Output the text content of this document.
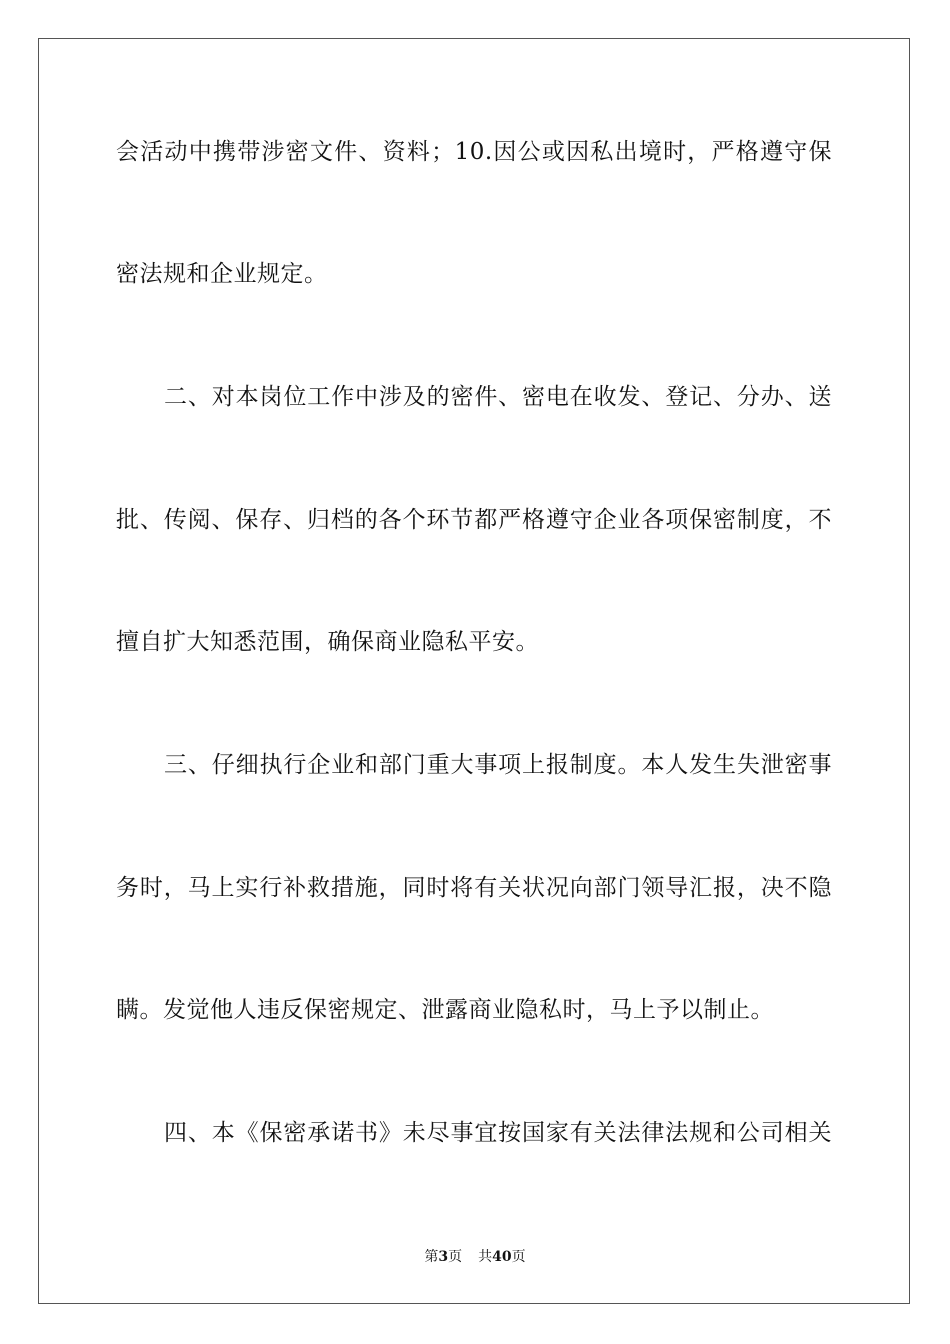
会活动中携带涉密文件、资料；10.因公或因私出境时，严格遵守保
密法规和企业规定。
二、对本岗位工作中涉及的密件、密电在收发、登记、分办、送
批、传阅、保存、归档的各个环节都严格遵守企业各项保密制度，不
擅自扩大知悉范围，确保商业隐私平安。
三、仔细执行企业和部门重大事项上报制度。本人发生失泄密事
务时，马上实行补救措施，同时将有关状况向部门领导汇报，决不隐
瞒。发觉他人违反保密规定、泄露商业隐私时，马上予以制止。
四、本《保密承诺书》未尽事宜按国家有关法律法规和公司相关
第3页 共40页
